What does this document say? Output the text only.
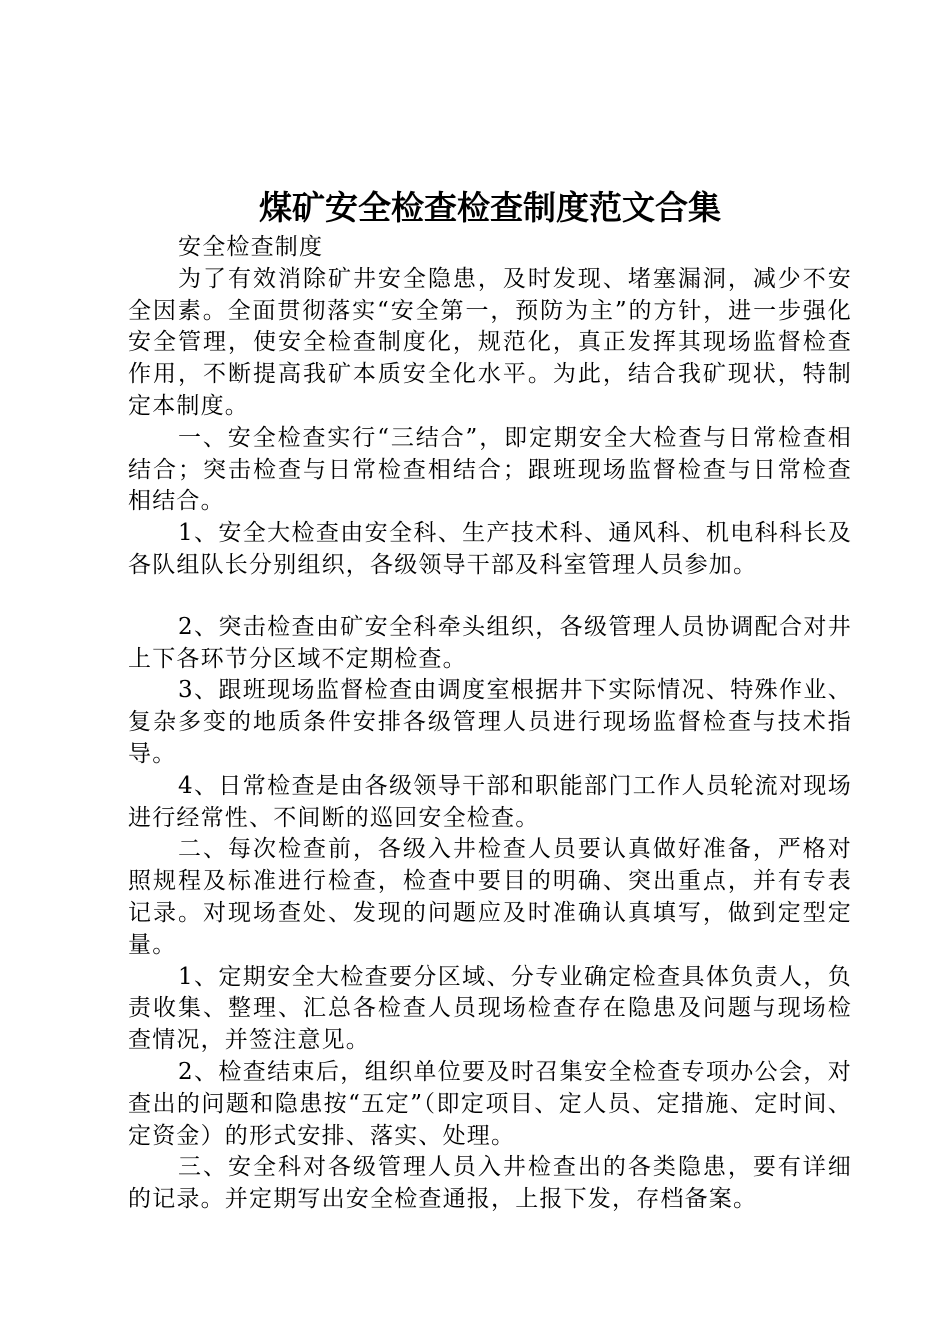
煤矿安全检查检查制度范文合集

安全检查制度

为了有效消除矿井安全隐患，及时发现、堵塞漏洞，减少不安全因素。全面贯彻落实“安全第一，预防为主”的方针，进一步强化安全管理，使安全检查制度化，规范化，真正发挥其现场监督检查作用，不断提高我矿本质安全化水平。为此，结合我矿现状，特制定本制度。

一、安全检查实行“三结合”，即定期安全大检查与日常检查相结合；突击检查与日常检查相结合；跟班现场监督检查与日常检查相结合。

1、安全大检查由安全科、生产技术科、通风科、机电科科长及各队组队长分别组织，各级领导干部及科室管理人员参加。

2、突击检查由矿安全科牵头组织，各级管理人员协调配合对井上下各环节分区域不定期检查。

3、跟班现场监督检查由调度室根据井下实际情况、特殊作业、复杂多变的地质条件安排各级管理人员进行现场监督检查与技术指导。

4、日常检查是由各级领导干部和职能部门工作人员轮流对现场进行经常性、不间断的巡回安全检查。

二、每次检查前，各级入井检查人员要认真做好准备，严格对照规程及标准进行检查，检查中要目的明确、突出重点，并有专表记录。对现场查处、发现的问题应及时准确认真填写，做到定型定量。

1、定期安全大检查要分区域、分专业确定检查具体负责人，负责收集、整理、汇总各检查人员现场检查存在隐患及问题与现场检查情况，并签注意见。

2、检查结束后，组织单位要及时召集安全检查专项办公会，对查出的问题和隐患按“五定”（即定项目、定人员、定措施、定时间、定资金）的形式安排、落实、处理。

三、安全科对各级管理人员入井检查出的各类隐患，要有详细的记录。并定期写出安全检查通报，上报下发，存档备案。
